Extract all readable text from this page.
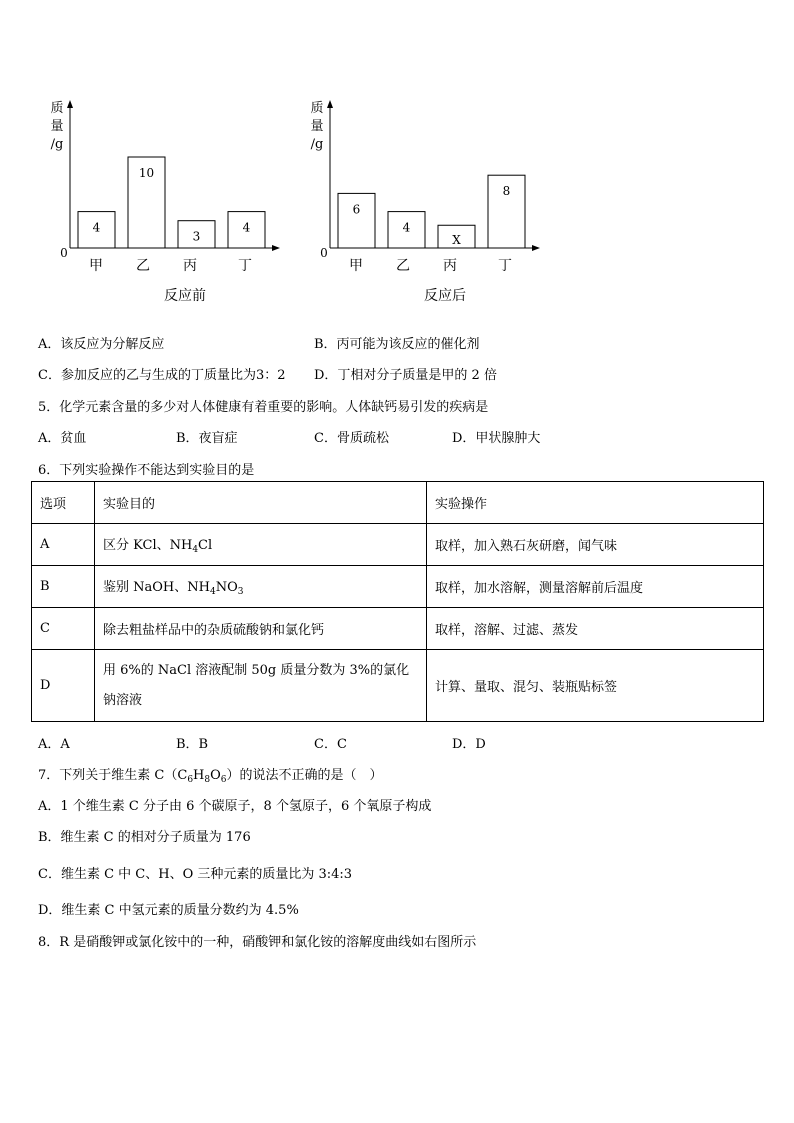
质
量
/g
0
4
甲
10
乙
3
丙
4
丁
反应前
质
量
/g
0
6
甲
4
乙
X
丙
8
丁
反应后
A．该反应为分解反应	B．丙可能为该反应的催化剂
C．参加反应的乙与生成的丁质量比为3：2 D．丁相对分子质量是甲的 2 倍
5．化学元素含量的多少对人体健康有着重要的影响。人体缺钙易引发的疾病是
A．贫血	B．夜盲症	C．骨质疏松	D．甲状腺肿大
6．下列实验操作不能达到实验目的是
选项	实验目的	实验操作
A	区分 KCl、$NH_4Cl$	取样，加入熟石灰研磨，闻气味
B	鉴别 NaOH、$NH_4NO_3$	取样，加水溶解，测量溶解前后温度
C	除去粗盐样品中的杂质硫酸钠和氯化钙	取样，溶解、过滤、蒸发
D	用 6%的 NaCl 溶液配制 50g 质量分数为 3%的氯化钠溶液	计算、量取、混匀、装瓶贴标签
A．A	B．B	C．C	D．D
7．下列关于维生素 $C(C_6H_8O_6)$的说法不正确的是（　）
A．1 个维生素 C 分子由 6 个碳原子，8 个氢原子，6 个氧原子构成
B．维生素 C 的相对分子质量为 176
C．维生素 C 中 C、H、O 三种元素的质量比为 3:4:3
D．维生素 C 中氢元素的质量分数约为 4.5%
8．R 是硝酸钾或氯化铵中的一种，硝酸钾和氯化铵的溶解度曲线如右图所示
